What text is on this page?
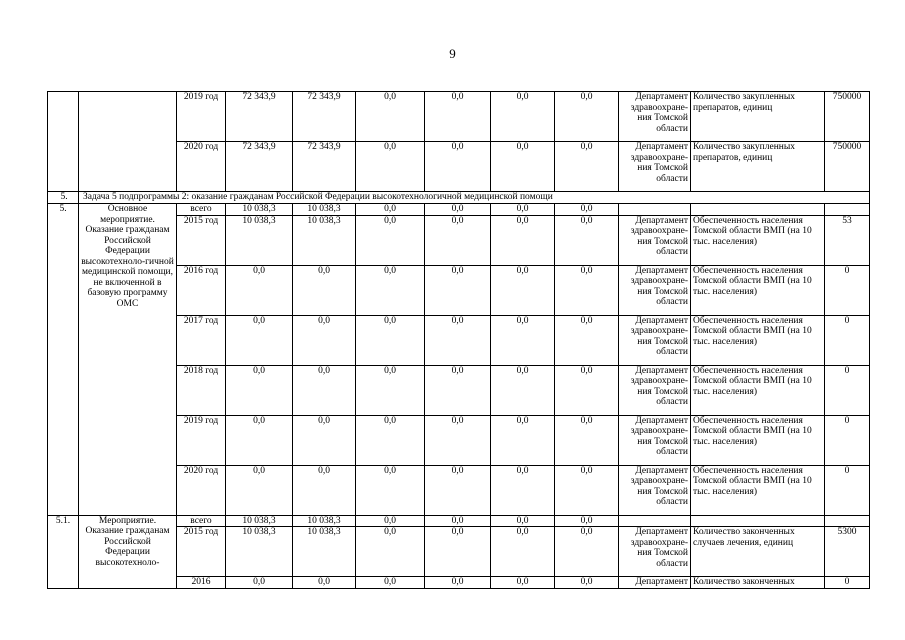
9
		2019 год	72 343,9	72 343,9	0,0	0,0	0,0	0,0	Департамент здравоохране-ния Томской области	Количество закупленных препаратов, единиц	750000
		2020 год	72 343,9	72 343,9	0,0	0,0	0,0	0,0	Департамент здравоохране-ния Томской области	Количество закупленных препаратов, единиц	750000
5.	Задача 5 подпрограммы 2: оказание гражданам Российской Федерации высокотехнологичной медицинской помощи										
5.	Основное мероприятие. Оказание гражданам Российской Федерации высокотехноло-гичной медицинской помощи, не включенной в базовую программу ОМС	всего	10 038,3	10 038,3	0,0	0,0	0,0	0,0			
		2015 год	10 038,3	10 038,3	0,0	0,0	0,0	0,0	Департамент здравоохране-ния Томской области	Обеспеченность населения Томской области ВМП (на 10 тыс. населения)	53
		2016 год	0,0	0,0	0,0	0,0	0,0	0,0	Департамент здравоохране-ния Томской области	Обеспеченность населения Томской области ВМП (на 10 тыс. населения)	0
		2017 год	0,0	0,0	0,0	0,0	0,0	0,0	Департамент здравоохране-ния Томской области	Обеспеченность населения Томской области ВМП (на 10 тыс. населения)	0
		2018 год	0,0	0,0	0,0	0,0	0,0	0,0	Департамент здравоохране-ния Томской области	Обеспеченность населения Томской области ВМП (на 10 тыс. населения)	0
		2019 год	0,0	0,0	0,0	0,0	0,0	0,0	Департамент здравоохране-ния Томской области	Обеспеченность населения Томской области ВМП (на 10 тыс. населения)	0
		2020 год	0,0	0,0	0,0	0,0	0,0	0,0	Департамент здравоохране-ния Томской области	Обеспеченность населения Томской области ВМП (на 10 тыс. населения)	0
5.1.	Мероприятие. Оказание гражданам Российской Федерации высокотехноло-	всего	10 038,3	10 038,3	0,0	0,0	0,0	0,0			
		2015 год	10 038,3	10 038,3	0,0	0,0	0,0	0,0	Департамент здравоохране-ния Томской области	Количество законченных случаев лечения, единиц	5300
		2016	0,0	0,0	0,0	0,0	0,0	0,0	Департамент	Количество законченных	0
